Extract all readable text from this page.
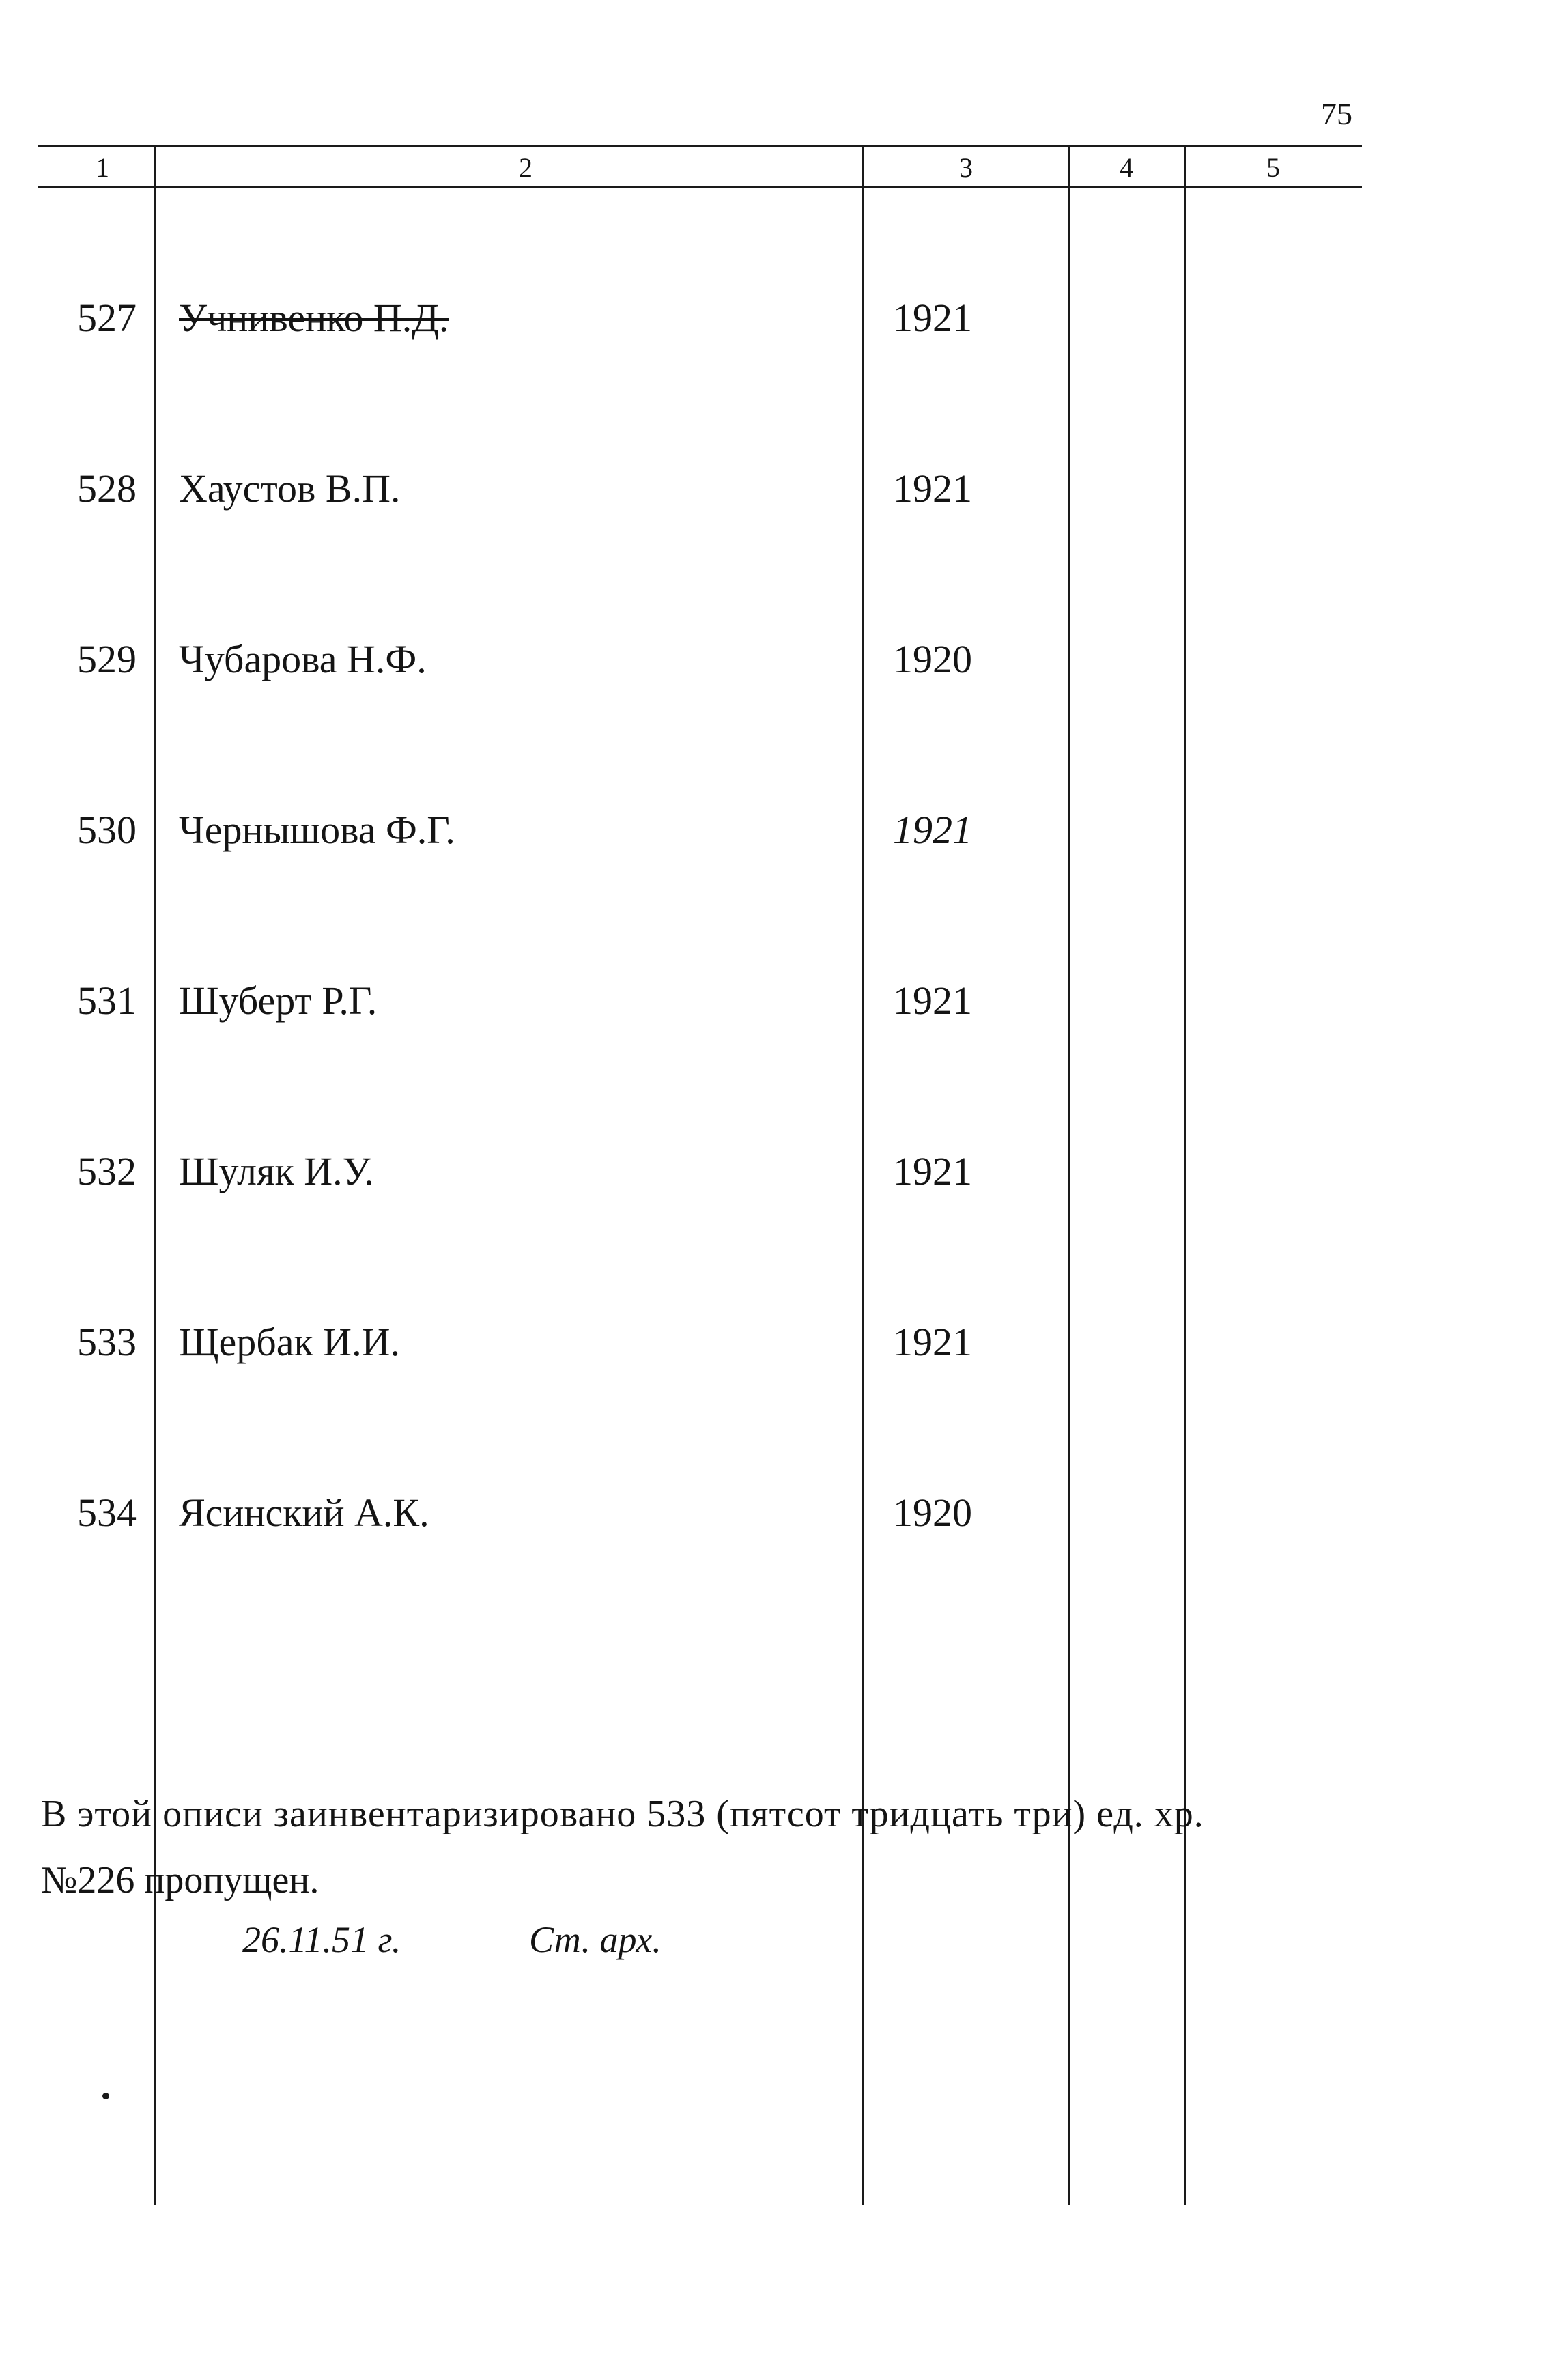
75
1	2	3	4	5
527 Учнивенко П.Д.	1921
528 Хаустов В.П.	1921
529 Чубарова Н.Ф.	1920
530 Чернышова Ф.Г.	1921
531 Шуберт Р.Г.	1921
532 Шуляк И.У.	1921
533 Щербак И.И.	1921
534 Ясинский А.К.	1920
В этой описи заинвентаризировано 533 (пятсот тридцать три) ед. хр.
№226 пропущен.
26.11.51 г.	Ст. арх.
